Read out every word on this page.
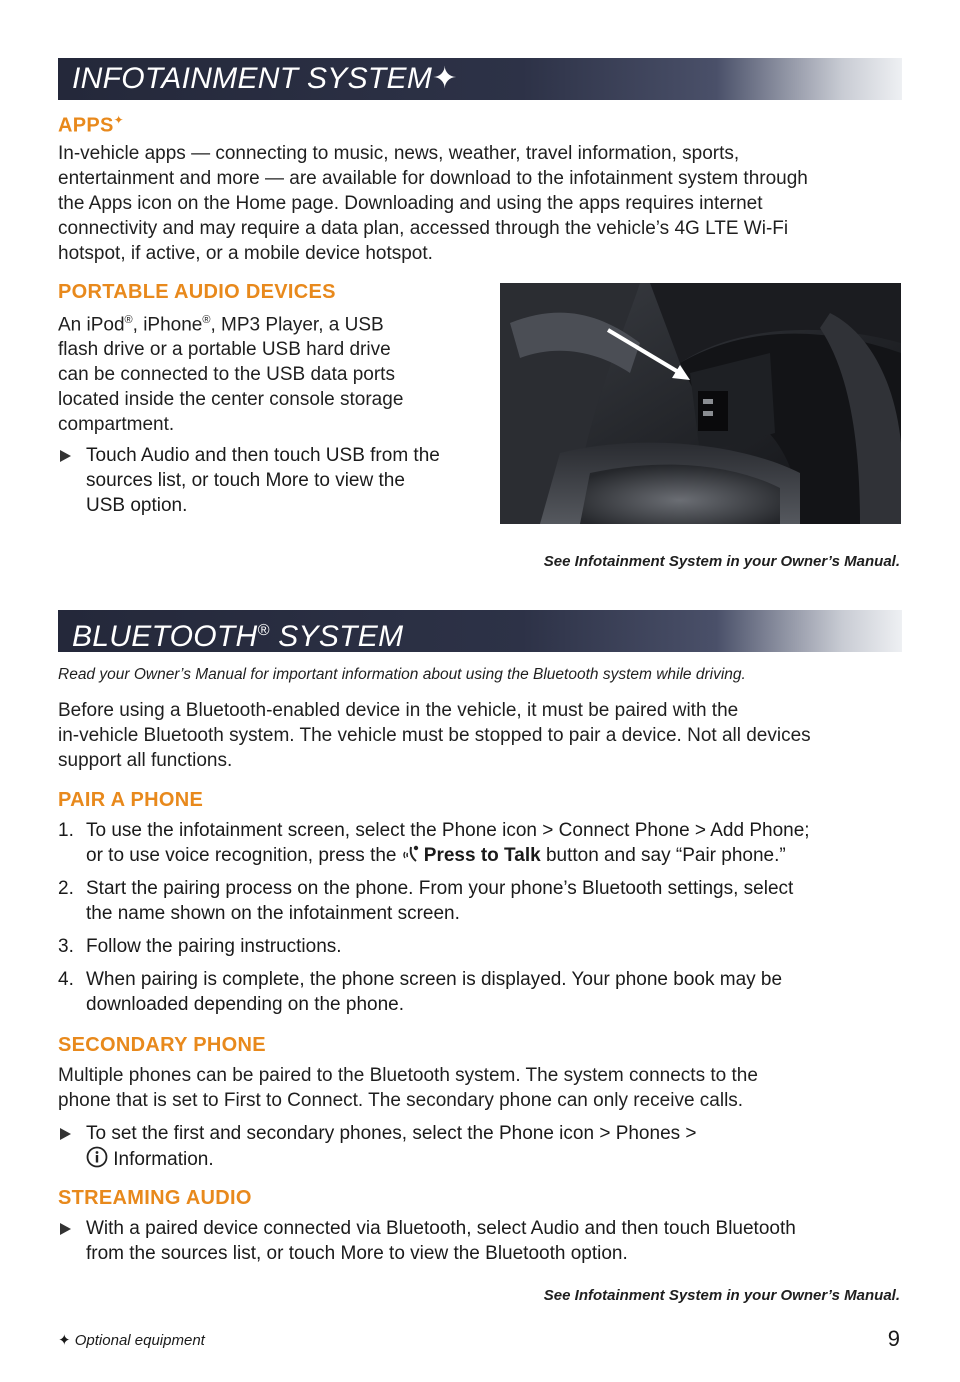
INFOTAINMENT SYSTEM✦
APPS✦
In-vehicle apps — connecting to music, news, weather, travel information, sports,
entertainment and more — are available for download to the infotainment system through
the Apps icon on the Home page. Downloading and using the apps requires internet
connectivity and may require a data plan, accessed through the vehicle’s 4G LTE Wi-Fi
hotspot, if active, or a mobile device hotspot.
PORTABLE AUDIO DEVICES
An iPod®, iPhone®, MP3 Player, a USB
flash drive or a portable USB hard drive
can be connected to the USB data ports
located inside the center console storage
compartment.
Touch Audio and then touch USB from the
sources list, or touch More to view the
USB option.
See Infotainment System in your Owner’s Manual.
BLUETOOTH® SYSTEM
Read your Owner’s Manual for important information about using the Bluetooth system while driving.
Before using a Bluetooth-enabled device in the vehicle, it must be paired with the
in-vehicle Bluetooth system. The vehicle must be stopped to pair a device. Not all devices
support all functions.
PAIR A PHONE
1. To use the infotainment screen, select the Phone icon > Connect Phone > Add Phone;
or to use voice recognition, press the Press to Talk button and say “Pair phone.”
2. Start the pairing process on the phone. From your phone’s Bluetooth settings, select
the name shown on the infotainment screen.
3. Follow the pairing instructions.
4. When pairing is complete, the phone screen is displayed. Your phone book may be
downloaded depending on the phone.
SECONDARY PHONE
Multiple phones can be paired to the Bluetooth system. The system connects to the
phone that is set to First to Connect. The secondary phone can only receive calls.
To set the first and secondary phones, select the Phone icon > Phones >
Information.
STREAMING AUDIO
With a paired device connected via Bluetooth, select Audio and then touch Bluetooth
from the sources list, or touch More to view the Bluetooth option.
See Infotainment System in your Owner’s Manual.
✦ Optional equipment	9
